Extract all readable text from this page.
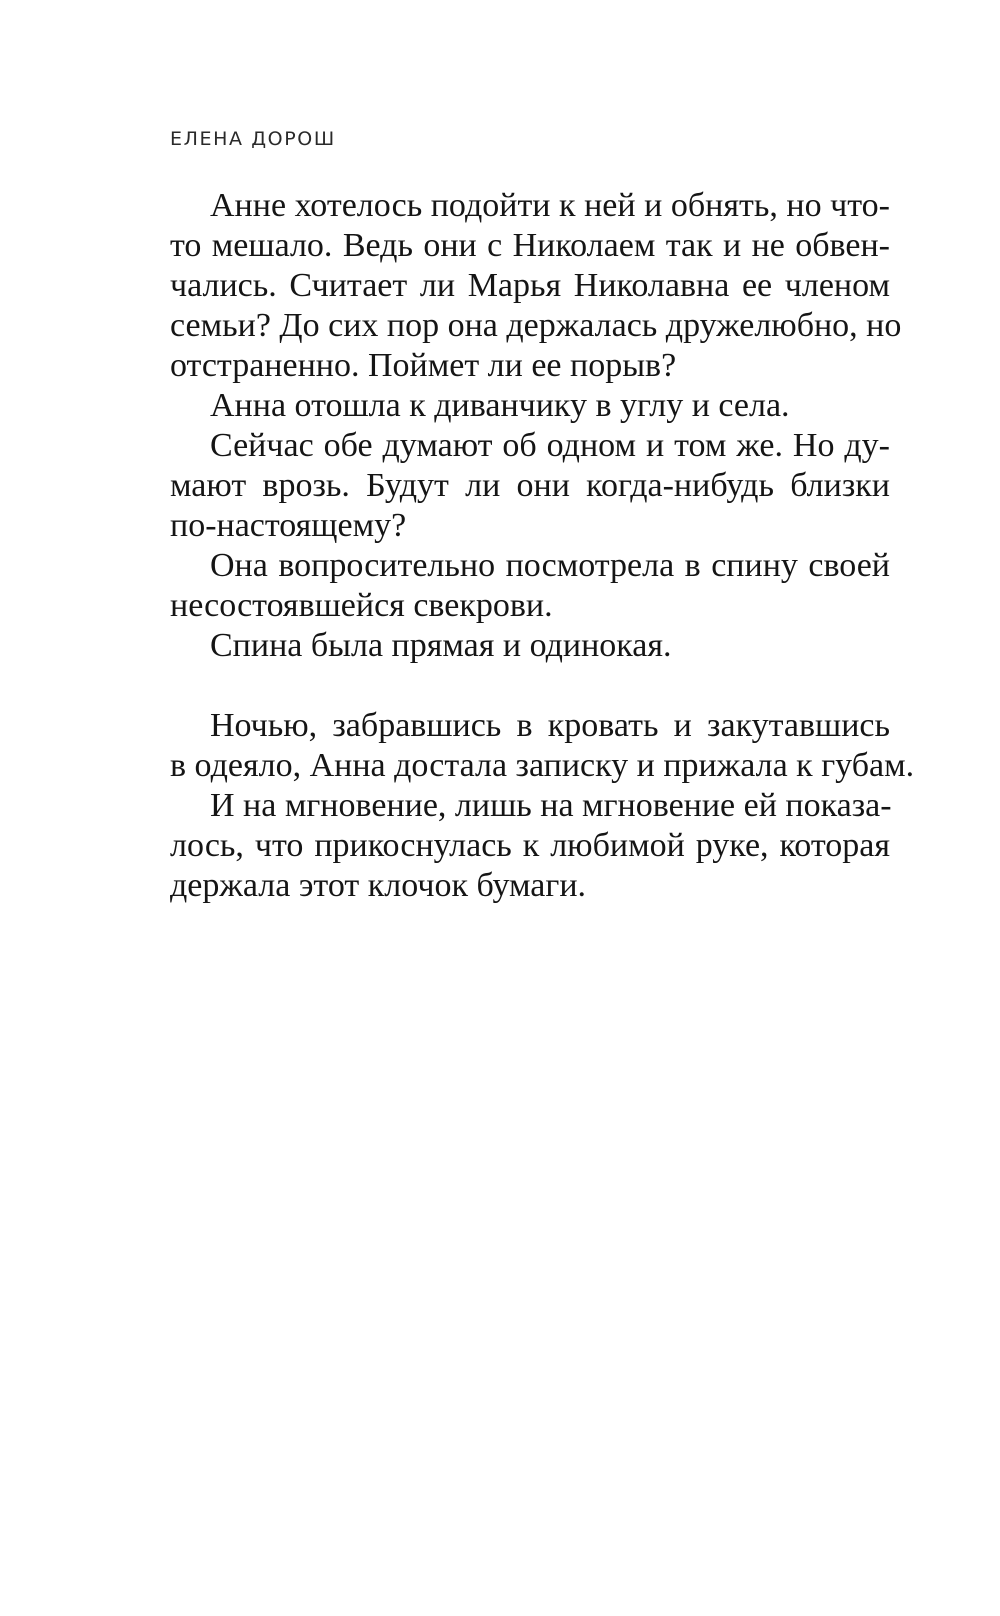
ЕЛЕНА ДОРОШ
Анне хотелось подойти к ней и обнять, но что-
то мешало. Ведь они с Николаем так и не обвен-
чались. Считает ли Марья Николавна ее членом
семьи? До сих пор она держалась дружелюбно, но
отстраненно. Поймет ли ее порыв?
Анна отошла к диванчику в углу и села.
Сейчас обе думают об одном и том же. Но ду-
мают врозь. Будут ли они когда-нибудь близки
по-настоящему?
Она вопросительно посмотрела в спину своей
несостоявшейся свекрови.
Спина была прямая и одинокая.
Ночью, забравшись в кровать и закутавшись
в одеяло, Анна достала записку и прижала к губам.
И на мгновение, лишь на мгновение ей показа-
лось, что прикоснулась к любимой руке, которая
держала этот клочок бумаги.
